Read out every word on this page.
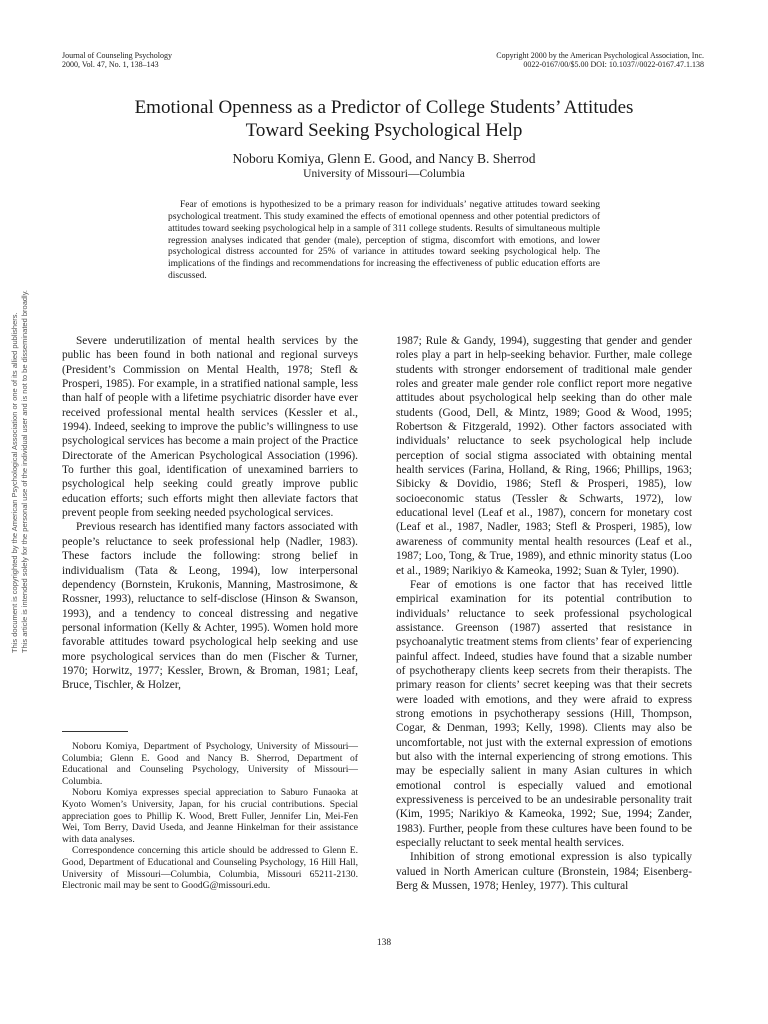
Journal of Counseling Psychology
2000, Vol. 47, No. 1, 138–143
Copyright 2000 by the American Psychological Association, Inc.
0022-0167/00/$5.00 DOI: 10.1037//0022-0167.47.1.138
Emotional Openness as a Predictor of College Students’ Attitudes
Toward Seeking Psychological Help
Noboru Komiya, Glenn E. Good, and Nancy B. Sherrod
University of Missouri—Columbia
Fear of emotions is hypothesized to be a primary reason for individuals’ negative attitudes toward seeking psychological treatment. This study examined the effects of emotional openness and other potential predictors of attitudes toward seeking psychological help in a sample of 311 college students. Results of simultaneous multiple regression analyses indicated that gender (male), perception of stigma, discomfort with emotions, and lower psychological distress accounted for 25% of variance in attitudes toward seeking psychological help. The implications of the findings and recommendations for increasing the effectiveness of public education efforts are discussed.

Severe underutilization of mental health services by the public has been found in both national and regional surveys (President’s Commission on Mental Health, 1978; Stefl & Prosperi, 1985). For example, in a stratified national sample, less than half of people with a lifetime psychiatric disorder have ever received professional mental health services (Kessler et al., 1994). Indeed, seeking to improve the public’s willingness to use psychological services has become a main project of the Practice Directorate of the American Psychological Association (1996). To further this goal, identification of unexamined barriers to psychological help seeking could greatly improve public education efforts; such efforts might then alleviate factors that prevent people from seeking needed psychological services.

Previous research has identified many factors associated with people’s reluctance to seek professional help (Nadler, 1983). These factors include the following: strong belief in individualism (Tata & Leong, 1994), low interpersonal dependency (Bornstein, Krukonis, Manning, Mastrosimone, & Rossner, 1993), reluctance to self-disclose (Hinson & Swanson, 1993), and a tendency to conceal distressing and negative personal information (Kelly & Achter, 1995). Women hold more favorable attitudes toward psychological help seeking and use more psychological services than do men (Fischer & Turner, 1970; Horwitz, 1977; Kessler, Brown, & Broman, 1981; Leaf, Bruce, Tischler, & Holzer,

1987; Rule & Gandy, 1994), suggesting that gender and gender roles play a part in help-seeking behavior. Further, male college students with stronger endorsement of traditional male gender roles and greater male gender role conflict report more negative attitudes about psychological help seeking than do other male students (Good, Dell, & Mintz, 1989; Good & Wood, 1995; Robertson & Fitzgerald, 1992). Other factors associated with individuals’ reluctance to seek psychological help include perception of social stigma associated with obtaining mental health services (Farina, Holland, & Ring, 1966; Phillips, 1963; Sibicky & Dovidio, 1986; Stefl & Prosperi, 1985), low socioeconomic status (Tessler & Schwarts, 1972), low educational level (Leaf et al., 1987), concern for monetary cost (Leaf et al., 1987, Nadler, 1983; Stefl & Prosperi, 1985), low awareness of community mental health resources (Leaf et al., 1987; Loo, Tong, & True, 1989), and ethnic minority status (Loo et al., 1989; Narikiyo & Kameoka, 1992; Suan & Tyler, 1990).

Fear of emotions is one factor that has received little empirical examination for its potential contribution to individuals’ reluctance to seek professional psychological assistance. Greenson (1987) asserted that resistance in psychoanalytic treatment stems from clients’ fear of experiencing painful affect. Indeed, studies have found that a sizable number of psychotherapy clients keep secrets from their therapists. The primary reason for clients’ secret keeping was that their secrets were loaded with emotions, and they were afraid to express strong emotions in psychotherapy sessions (Hill, Thompson, Cogar, & Denman, 1993; Kelly, 1998). Clients may also be uncomfortable, not just with the external expression of emotions but also with the internal experiencing of strong emotions. This may be especially salient in many Asian cultures in which emotional control is especially valued and emotional expressiveness is perceived to be an undesirable personality trait (Kim, 1995; Narikiyo & Kameoka, 1992; Sue, 1994; Zander, 1983). Further, people from these cultures have been found to be especially reluctant to seek mental health services.

Inhibition of strong emotional expression is also typically valued in North American culture (Bronstein, 1984; Eisenberg-Berg & Mussen, 1978; Henley, 1977). This cultural

Noboru Komiya, Department of Psychology, University of Missouri—Columbia; Glenn E. Good and Nancy B. Sherrod, Department of Educational and Counseling Psychology, University of Missouri—Columbia.

Noboru Komiya expresses special appreciation to Saburo Funaoka at Kyoto Women’s University, Japan, for his crucial contributions. Special appreciation goes to Phillip K. Wood, Brett Fuller, Jennifer Lin, Mei-Fen Wei, Tom Berry, David Useda, and Jeanne Hinkelman for their assistance with data analyses.

Correspondence concerning this article should be addressed to Glenn E. Good, Department of Educational and Counseling Psychology, 16 Hill Hall, University of Missouri—Columbia, Columbia, Missouri 65211-2130. Electronic mail may be sent to GoodG@missouri.edu.

This document is copyrighted by the American Psychological Association or one of its allied publishers. This article is intended solely for the personal use of the individual user and is not to be disseminated broadly.
138
